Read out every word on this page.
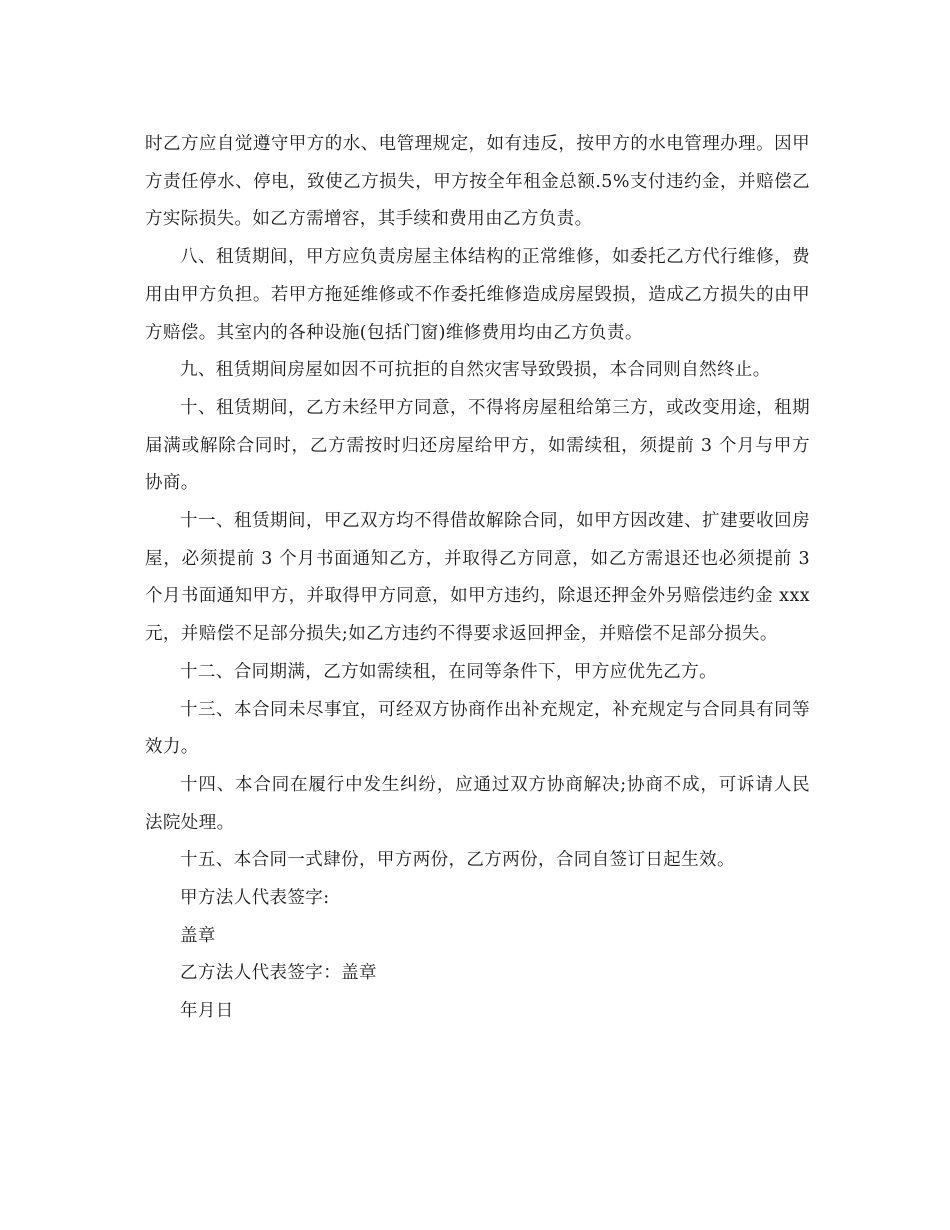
时乙方应自觉遵守甲方的水、电管理规定，如有违反，按甲方的水电管理办理。因甲方责任停水、停电，致使乙方损失，甲方按全年租金总额.5%支付违约金，并赔偿乙方实际损失。如乙方需增容，其手续和费用由乙方负责。

八、租赁期间，甲方应负责房屋主体结构的正常维修，如委托乙方代行维修，费用由甲方负担。若甲方拖延维修或不作委托维修造成房屋毁损，造成乙方损失的由甲方赔偿。其室内的各种设施(包括门窗)维修费用均由乙方负责。

九、租赁期间房屋如因不可抗拒的自然灾害导致毁损，本合同则自然终止。

十、租赁期间，乙方未经甲方同意，不得将房屋租给第三方，或改变用途，租期届满或解除合同时，乙方需按时归还房屋给甲方，如需续租，须提前 3 个月与甲方协商。

十一、租赁期间，甲乙双方均不得借故解除合同，如甲方因改建、扩建要收回房屋，必须提前 3 个月书面通知乙方，并取得乙方同意，如乙方需退还也必须提前 3 个月书面通知甲方，并取得甲方同意，如甲方违约，除退还押金外另赔偿违约金 xxx 元，并赔偿不足部分损失;如乙方违约不得要求返回押金，并赔偿不足部分损失。

十二、合同期满，乙方如需续租，在同等条件下，甲方应优先乙方。

十三、本合同未尽事宜，可经双方协商作出补充规定，补充规定与合同具有同等效力。

十四、本合同在履行中发生纠纷，应通过双方协商解决;协商不成，可诉请人民法院处理。

十五、本合同一式肆份，甲方两份，乙方两份，合同自签订日起生效。

甲方法人代表签字:

盖章

乙方法人代表签字：盖章

年月日
